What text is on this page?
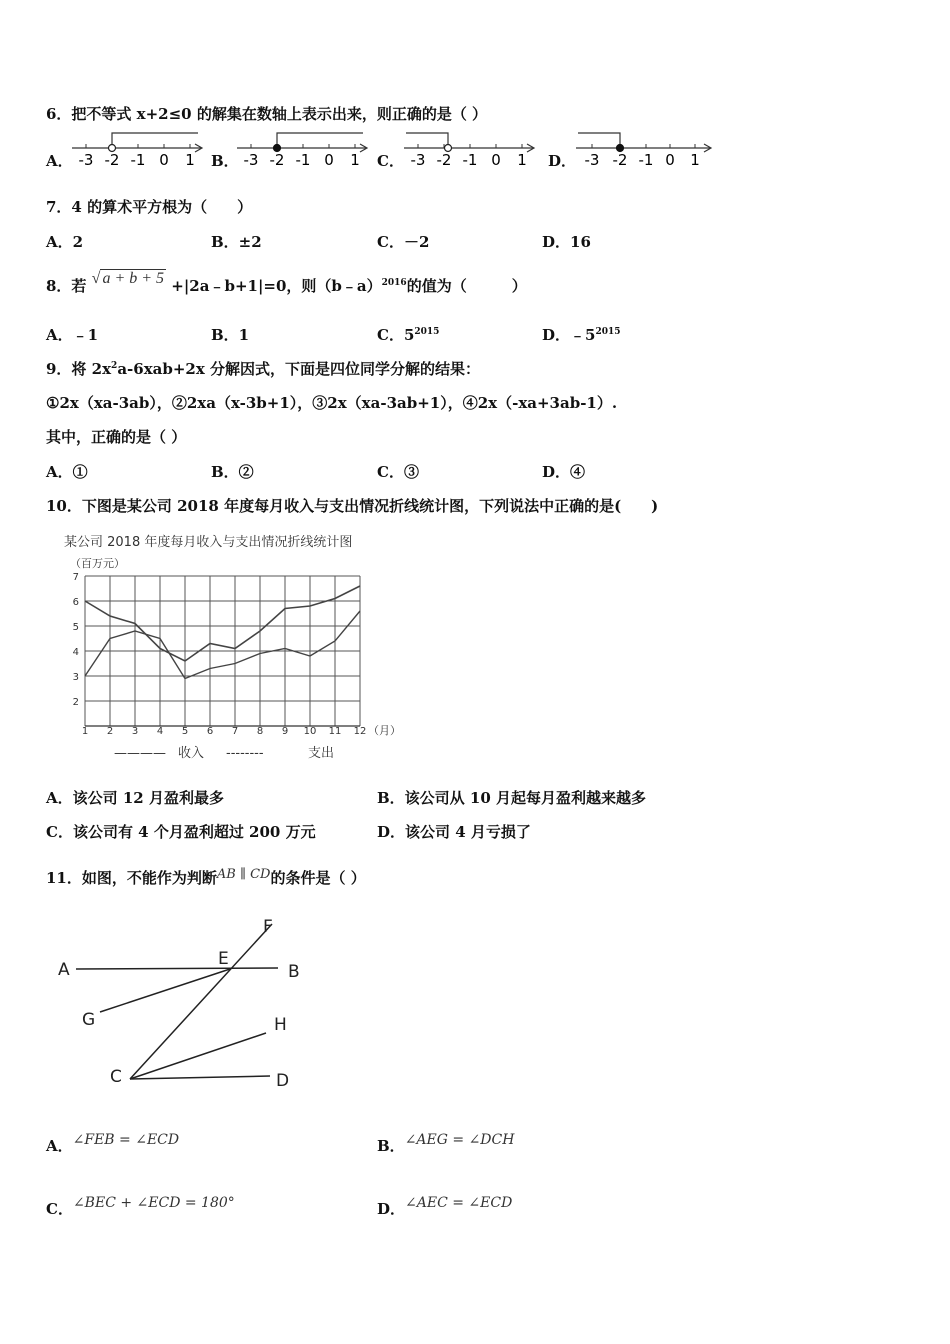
6．把不等式 x+2≤0 的解集在数轴上表示出来，则正确的是（ ）
A． -3 -2 -1 0 1 B． -3 -2 -1 0 1 C． -3 -2 -1 0 1 D． -3 -2 -1 0 1
7．4 的算术平方根为（　　）
A．2	B．±2	C．－2	D．16
8．若 √ a + b + 5 +|2a﹣b+1|=0，则（b﹣a）$^{2016}$的值为（　　　）
A．﹣1	B．1	C．$5^{2015}$	D．$﹣5^{2015}$
9．将 $2x^2a-6xab+2x$ 分解因式，下面是四位同学分解的结果：
①2x（xa-3ab），②2xa（x-3b+1），③2x（xa-3ab+1），④2x（-xa+3ab-1）.
其中，正确的是（ ）
A．①	B．②	C．③	D．④
10．下图是某公司 2018 年度每月收入与支出情况折线统计图，下列说法中正确的是(　　)
某公司 2018 年度每月收入与支出情况折线统计图
（百万元）
（月）
2
3
4
5
6
7
1 2 3 4 5 6 7 8 9 10 11 12
———— 收入 --------	支出
A．该公司 12 月盈利最多	B．该公司从 10 月起每月盈利越来越多
C．该公司有 4 个月盈利超过 200 万元	D．该公司 4 月亏损了
11．如图，不能作为判断AB ∥ CD的条件是（ ）
A
E
B
F
G	H
C	D
A．∠FEB = ∠ECD	B．∠AEG = ∠DCH
C．∠BEC + ∠ECD = 180°	D．∠AEC = ∠ECD
